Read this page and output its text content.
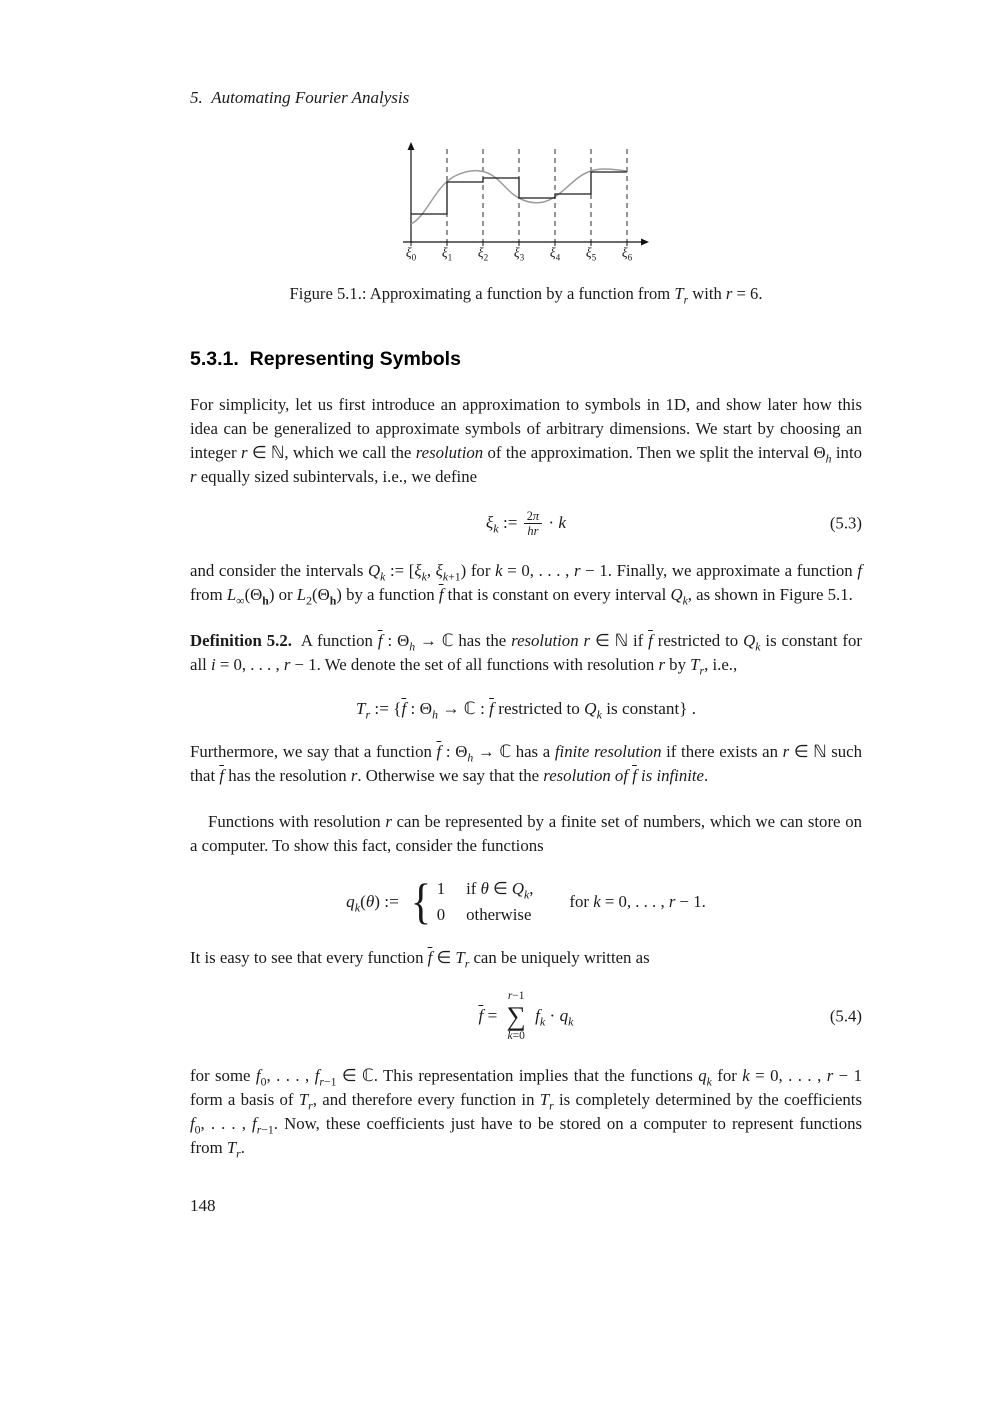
5.  Automating Fourier Analysis
$\xi_0$	$\xi_1$	$\xi_2$	$\xi_3$	$\xi_4$	$\xi_5$	$\xi_6$
Figure 5.1.: Approximating a function by a function from $T_r$ with r = 6.
5.3.1.  Representing Symbols

For simplicity, let us first introduce an approximation to symbols in 1D, and show later how this idea can be generalized to approximate symbols of arbitrary dimensions. We start by choosing an integer r ∈ ℕ, which we call the resolution of the approximation. Then we split the interval $\Theta_h$ into r equally sized subintervals, i.e., we define

$\xi_k$ := $\frac{2\pi}{hr} \cdot k$	(5.3)

and consider the intervals $Q_k$ := [$\xi_k$, $\xi_{k+1}$) for k = 0, . . . , r − 1. Finally, we approximate a function f from $L_\infty(\Theta_h)$ or $L_2(\Theta_h)$ by a function $\overline{f}$ that is constant on every interval $Q_k$, as shown in Figure 5.1.

Definition 5.2.  A function $\overline{f}$ : $\Theta_h$ → ℂ has the resolution r ∈ ℕ if $\overline{f}$ restricted to $Q_k$ is constant for all i = 0, . . . , r − 1. We denote the set of all functions with resolution r by $T_r$, i.e.,

$T_r$ := {$\overline{f}$ : $\Theta_h$ → ℂ : $\overline{f}$ restricted to $Q_k$ is constant} .

Furthermore, we say that a function $\overline{f}$ : $\Theta_h$ → ℂ has a finite resolution if there exists an r ∈ ℕ such that $\overline{f}$ has the resolution r. Otherwise we say that the resolution of $\overline{f}$ is infinite.

Functions with resolution r can be represented by a finite set of numbers, which we can store on a computer. To show this fact, consider the functions

$q_k(\theta)$ := { 1  if θ ∈ $Q_k$,
0  otherwise
for k = 0, . . . , r − 1.

It is easy to see that every function $\overline{f}$ ∈ $T_r$ can be uniquely written as

$\overline{f}$ =
r−1
∑
k=0
$f_k \cdot q_k$	(5.4)

for some $f_0$, . . . , $f_{r-1}$ ∈ ℂ. This representation implies that the functions $q_k$ for k = 0, . . . , r − 1 form a basis of $T_r$, and therefore every function in $T_r$ is completely determined by the coefficients $f_0$, . . . , $f_{r-1}$. Now, these coefficients just have to be stored on a computer to represent functions from $T_r$.

148
